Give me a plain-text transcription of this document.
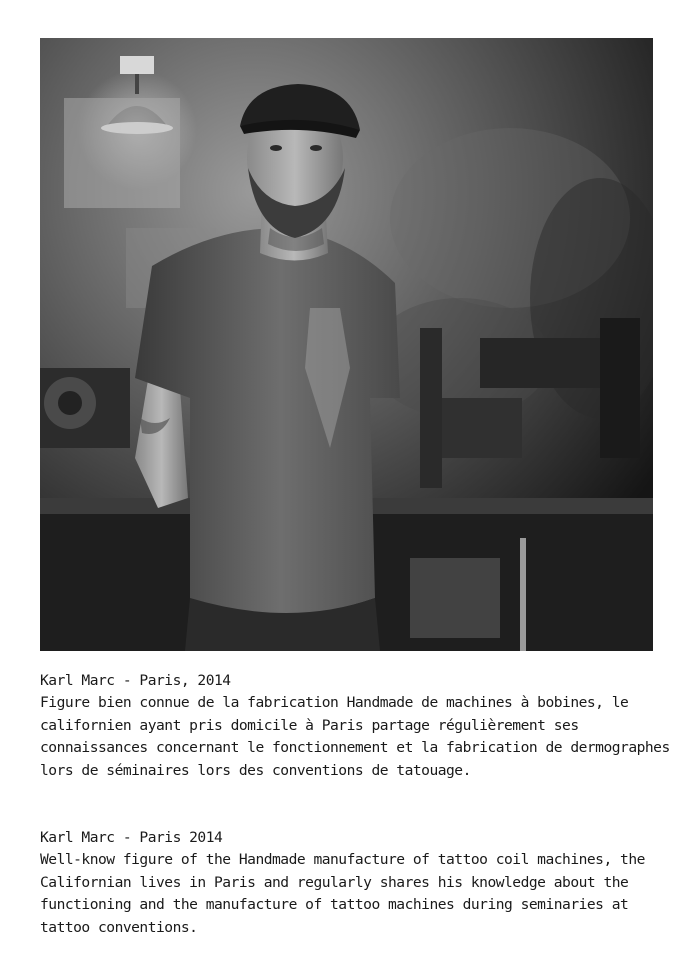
Karl Marc - Paris, 2014

Figure bien connue de la fabrication Handmade de machines à bobines, le californien ayant pris domicile à Paris partage régulièrement ses connaissances concernant le fonctionnement et la fabrication de dermographes lors de séminaires lors des conventions de tatouage.

Karl Marc - Paris 2014

Well-know figure of the Handmade manufacture of tattoo coil machines, the Californian lives in Paris and regularly shares his knowledge about the functioning and the manufacture of tattoo machines during seminaries at tattoo conventions.
